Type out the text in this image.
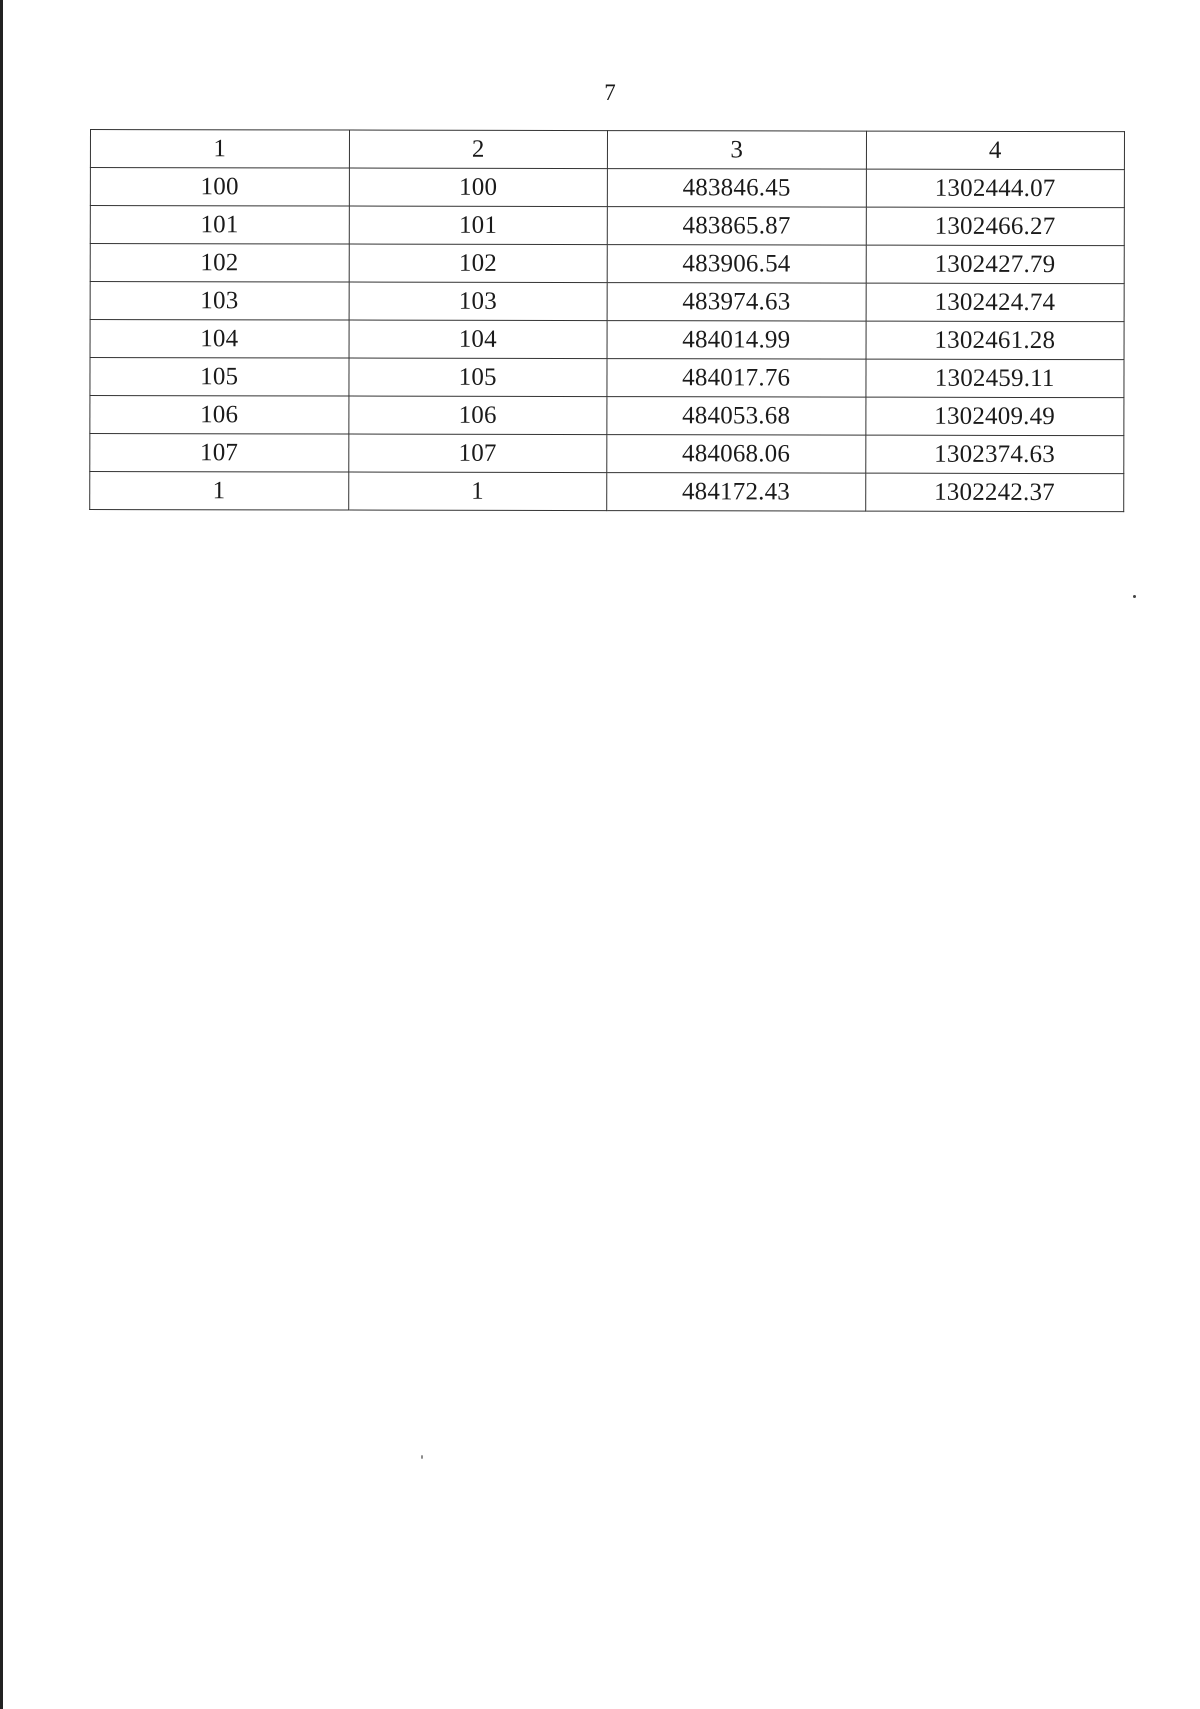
7
1	2	3	4
100	100	483846.45	1302444.07
101	101	483865.87	1302466.27
102	102	483906.54	1302427.79
103	103	483974.63	1302424.74
104	104	484014.99	1302461.28
105	105	484017.76	1302459.11
106	106	484053.68	1302409.49
107	107	484068.06	1302374.63
1	1	484172.43	1302242.37
